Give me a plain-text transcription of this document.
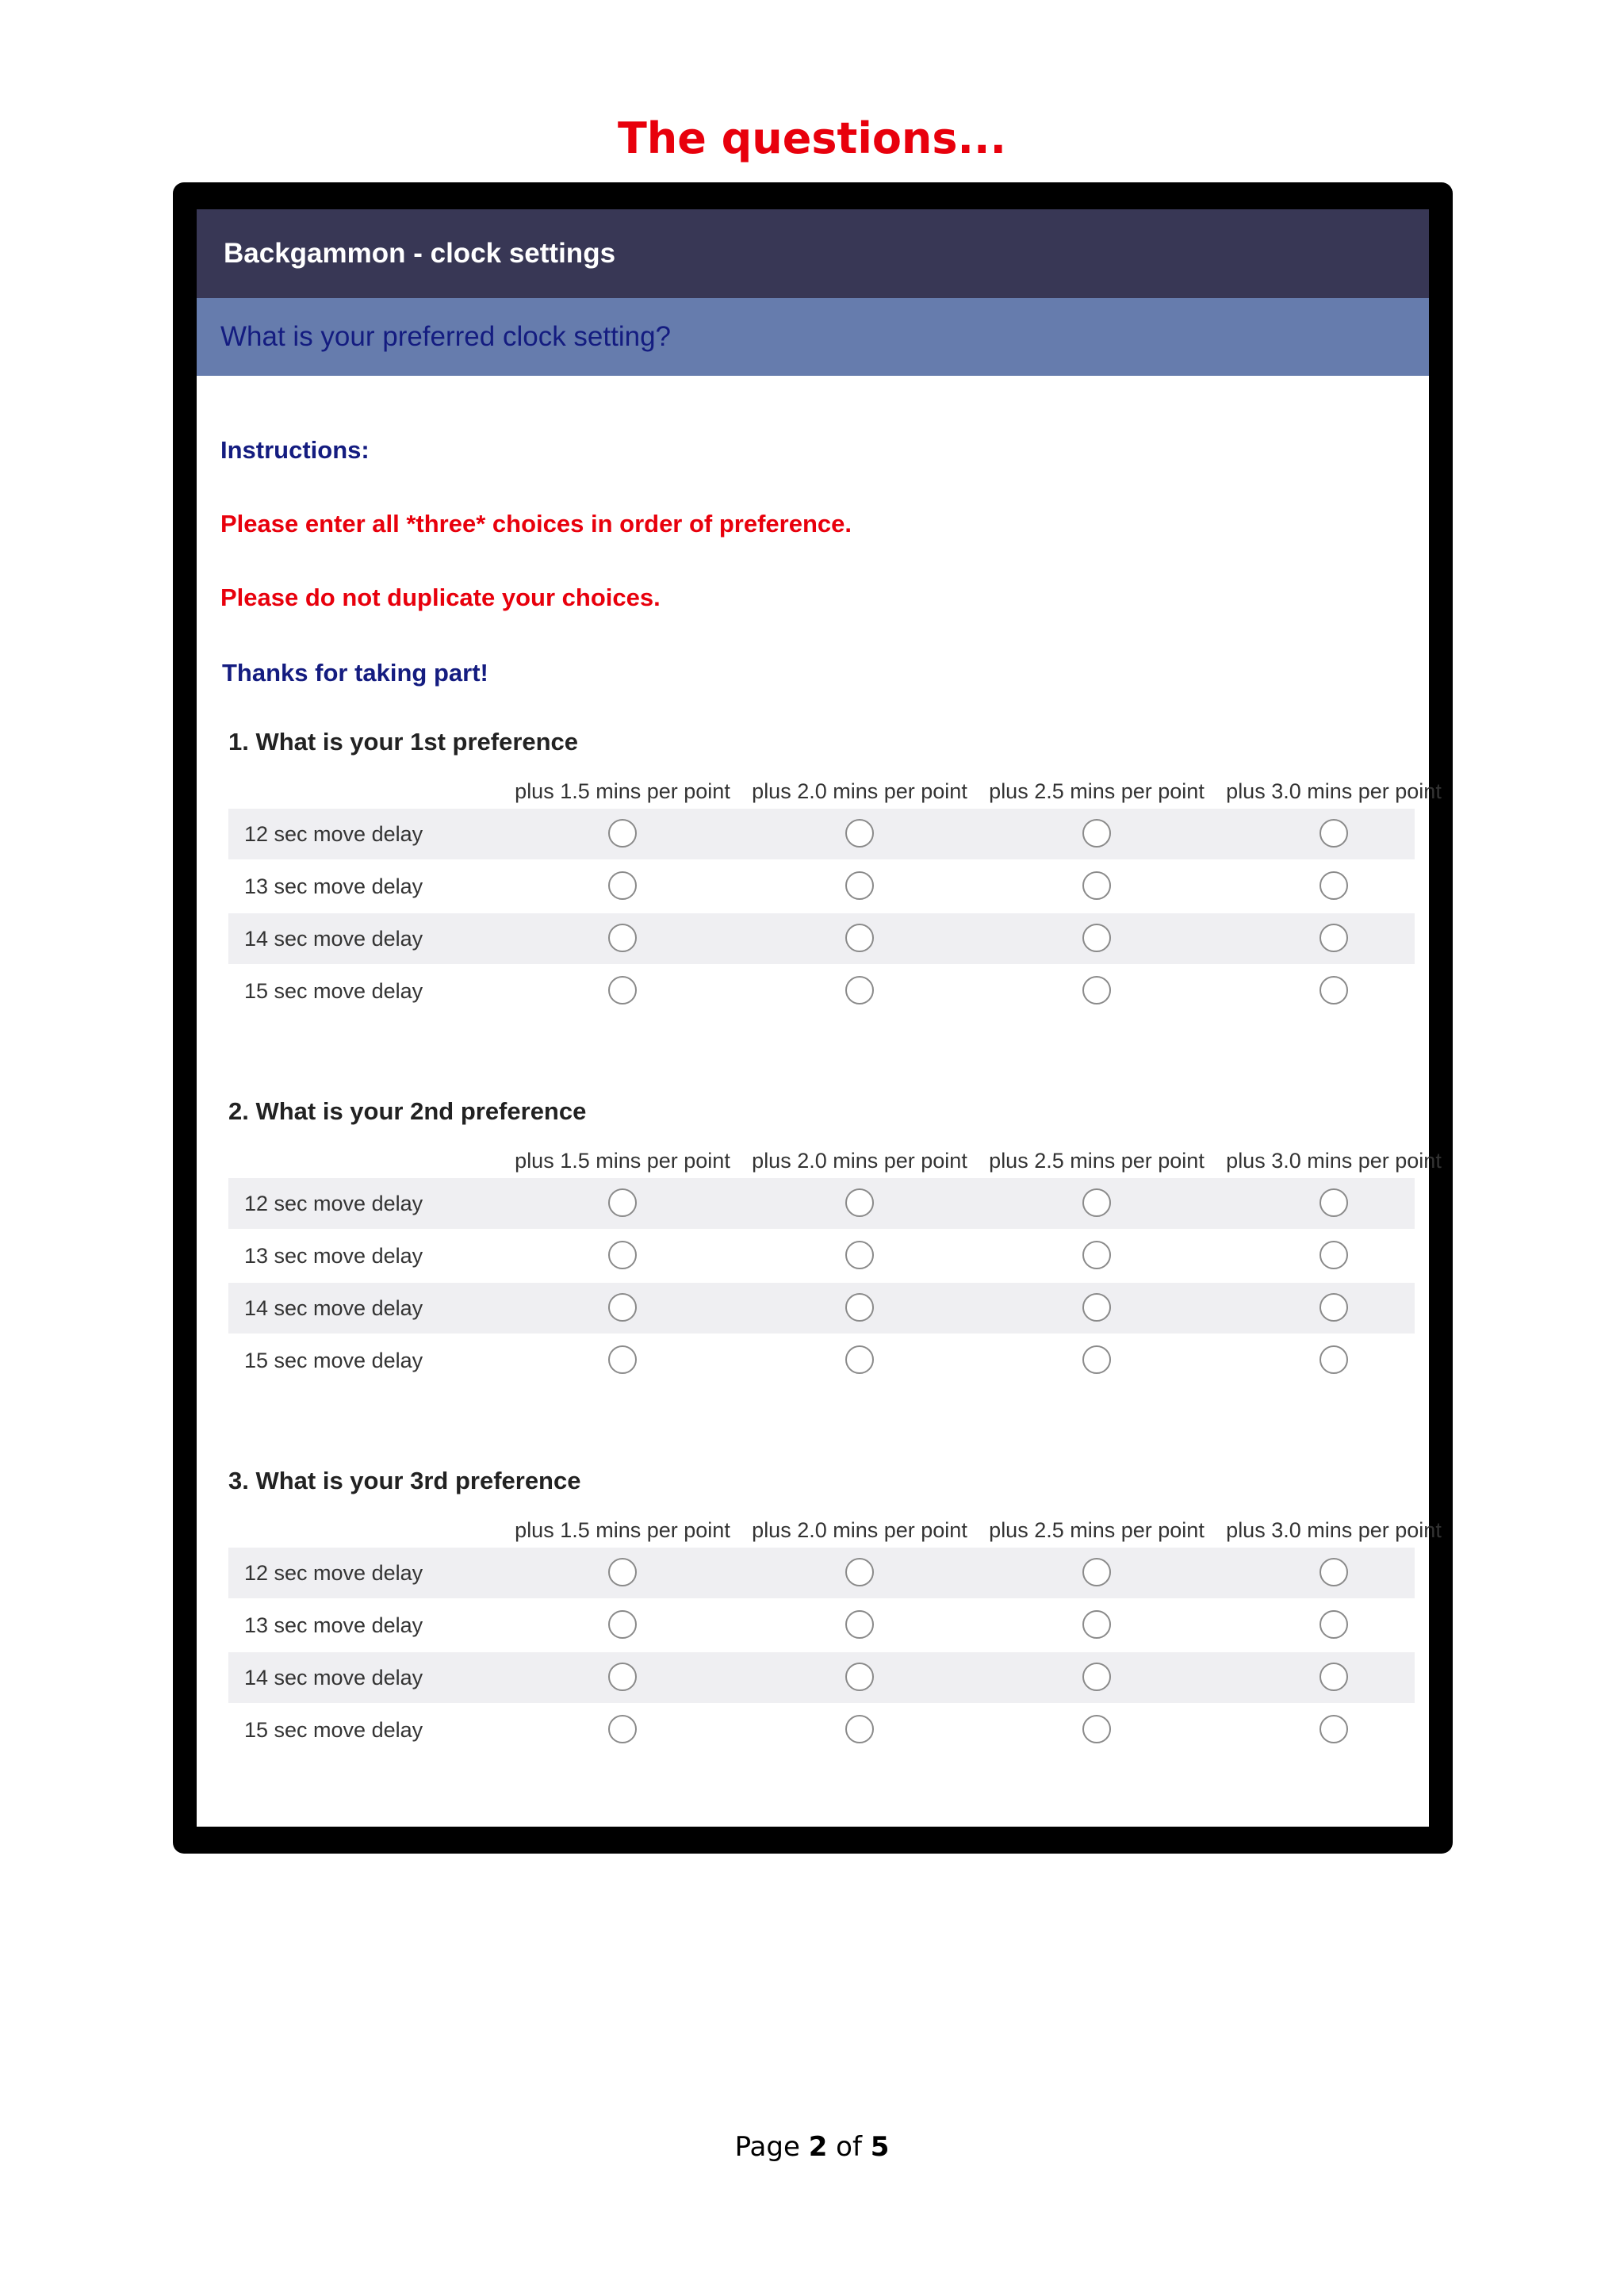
The questions...
Backgammon - clock settings
What is your preferred clock setting?
Instructions:
Please enter all *three* choices in order of preference.
Please do not duplicate your choices.
Thanks for taking part!
1. What is your 1st preference
plus 1.5 mins per point	plus 2.0 mins per point	plus 2.5 mins per point	plus 3.0 mins per point
12 sec move delay
13 sec move delay
14 sec move delay
15 sec move delay
2. What is your 2nd preference
plus 1.5 mins per point	plus 2.0 mins per point	plus 2.5 mins per point	plus 3.0 mins per point
12 sec move delay
13 sec move delay
14 sec move delay
15 sec move delay
3. What is your 3rd preference
plus 1.5 mins per point	plus 2.0 mins per point	plus 2.5 mins per point	plus 3.0 mins per point
12 sec move delay
13 sec move delay
14 sec move delay
15 sec move delay
Page 2 of 5
